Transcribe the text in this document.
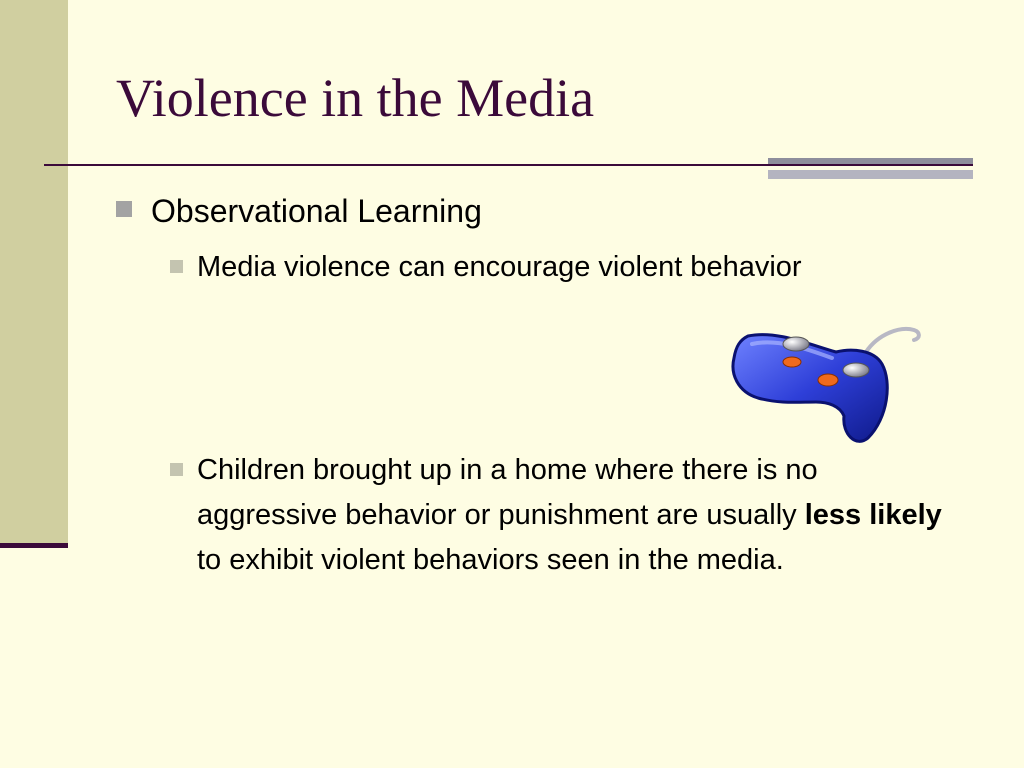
Violence in the Media
Observational Learning
Media violence can encourage violent behavior
Children brought up in a home where there is no aggressive behavior or punishment are usually less likely to exhibit violent behaviors seen in the media.
